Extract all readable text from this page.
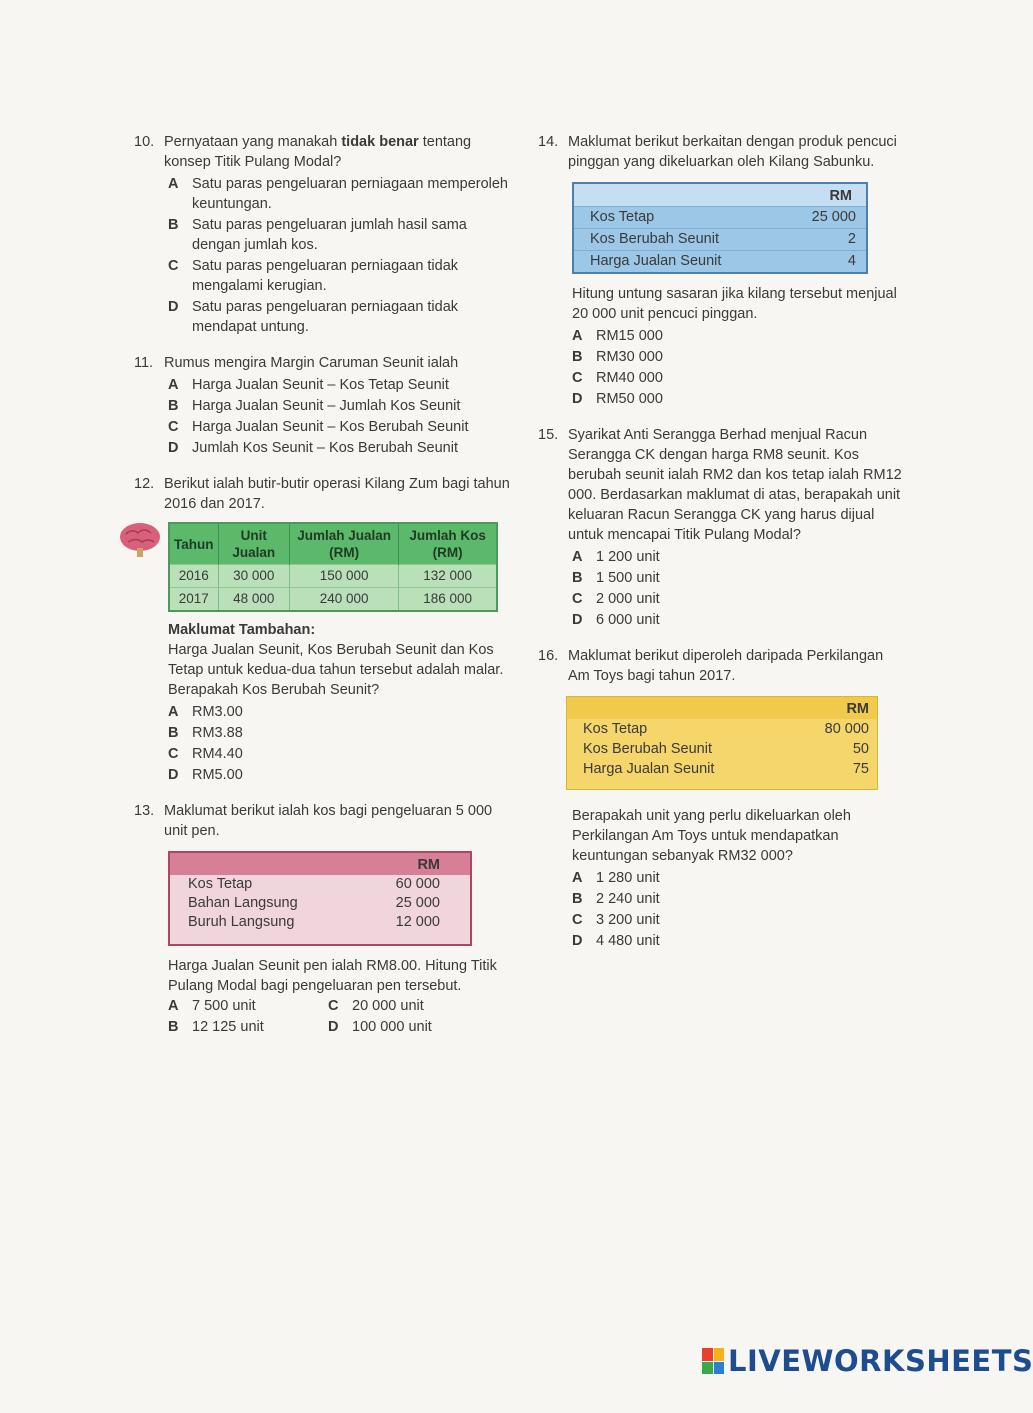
10. Pernyataan yang manakah tidak benar tentang konsep Titik Pulang Modal?
A Satu paras pengeluaran perniagaan memperoleh keuntungan.
B Satu paras pengeluaran jumlah hasil sama dengan jumlah kos.
C Satu paras pengeluaran perniagaan tidak mengalami kerugian.
D Satu paras pengeluaran perniagaan tidak mendapat untung.
11. Rumus mengira Margin Caruman Seunit ialah
A Harga Jualan Seunit – Kos Tetap Seunit
B Harga Jualan Seunit – Jumlah Kos Seunit
C Harga Jualan Seunit – Kos Berubah Seunit
D Jumlah Kos Seunit – Kos Berubah Seunit
12. Berikut ialah butir-butir operasi Kilang Zum bagi tahun 2016 dan 2017.
Tahun	Unit Jualan	Jumlah Jualan (RM)	Jumlah Kos (RM)
2016	30 000	150 000	132 000
2017	48 000	240 000	186 000
Maklumat Tambahan:
Harga Jualan Seunit, Kos Berubah Seunit dan Kos Tetap untuk kedua-dua tahun tersebut adalah malar.
Berapakah Kos Berubah Seunit?
A RM3.00
B RM3.88
C RM4.40
D RM5.00
13. Maklumat berikut ialah kos bagi pengeluaran 5 000 unit pen.
RM
Kos Tetap	60 000
Bahan Langsung	25 000
Buruh Langsung	12 000
Harga Jualan Seunit pen ialah RM8.00. Hitung Titik Pulang Modal bagi pengeluaran pen tersebut.
A 7 500 unit	C 20 000 unit
B 12 125 unit	D 100 000 unit
14. Maklumat berikut berkaitan dengan produk pencuci pinggan yang dikeluarkan oleh Kilang Sabunku.
RM
Kos Tetap	25 000
Kos Berubah Seunit	2
Harga Jualan Seunit	4
Hitung untung sasaran jika kilang tersebut menjual 20 000 unit pencuci pinggan.
A RM15 000
B RM30 000
C RM40 000
D RM50 000
15. Syarikat Anti Serangga Berhad menjual Racun Serangga CK dengan harga RM8 seunit. Kos berubah seunit ialah RM2 dan kos tetap ialah RM12 000. Berdasarkan maklumat di atas, berapakah unit keluaran Racun Serangga CK yang harus dijual untuk mencapai Titik Pulang Modal?
A 1 200 unit
B 1 500 unit
C 2 000 unit
D 6 000 unit
16. Maklumat berikut diperoleh daripada Perkilangan Am Toys bagi tahun 2017.
RM
Kos Tetap	80 000
Kos Berubah Seunit	50
Harga Jualan Seunit	75
Berapakah unit yang perlu dikeluarkan oleh Perkilangan Am Toys untuk mendapatkan keuntungan sebanyak RM32 000?
A 1 280 unit
B 2 240 unit
C 3 200 unit
D 4 480 unit
LIVEWORKSHEETS
